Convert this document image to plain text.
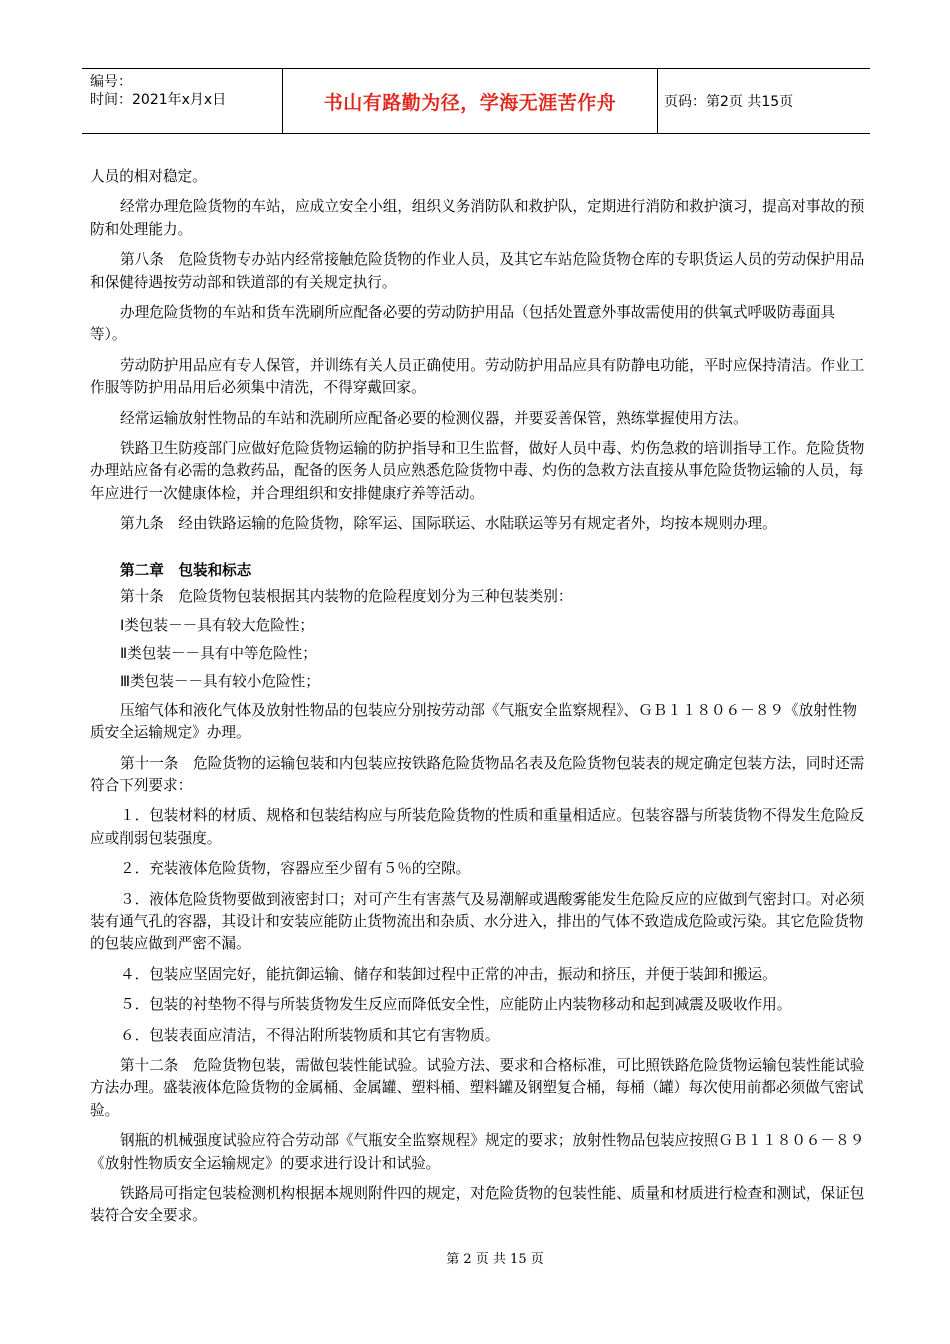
编号：
时间：2021年x月x日	书山有路勤为径，学海无涯苦作舟	页码：第2页 共15页

人员的相对稳定。

经常办理危险货物的车站，应成立安全小组，组织义务消防队和救护队，定期进行消防和救护演习，提高对事故的预防和处理能力。

第八条　危险货物专办站内经常接触危险货物的作业人员，及其它车站危险货物仓库的专职货运人员的劳动保护用品和保健待遇按劳动部和铁道部的有关规定执行。

办理危险货物的车站和货车洗刷所应配备必要的劳动防护用品（包括处置意外事故需使用的供氧式呼吸防毒面具等）。

劳动防护用品应有专人保管，并训练有关人员正确使用。劳动防护用品应具有防静电功能，平时应保持清洁。作业工作服等防护用品用后必须集中清洗，不得穿戴回家。

经常运输放射性物品的车站和洗刷所应配备必要的检测仪器，并要妥善保管，熟练掌握使用方法。

铁路卫生防疫部门应做好危险货物运输的防护指导和卫生监督，做好人员中毒、灼伤急救的培训指导工作。危险货物办理站应备有必需的急救药品，配备的医务人员应熟悉危险货物中毒、灼伤的急救方法直接从事危险货物运输的人员，每年应进行一次健康体检，并合理组织和安排健康疗养等活动。

第九条　经由铁路运输的危险货物，除军运、国际联运、水陆联运等另有规定者外，均按本规则办理。

第二章　包装和标志

第十条　危险货物包装根据其内装物的危险程度划分为三种包装类别：

Ⅰ类包装－－具有较大危险性；

Ⅱ类包装－－具有中等危险性；

Ⅲ类包装－－具有较小危险性；

压缩气体和液化气体及放射性物品的包装应分别按劳动部《气瓶安全监察规程》、ＧＢ１１８０６－８９《放射性物质安全运输规定》办理。

第十一条　危险货物的运输包装和内包装应按铁路危险货物品名表及危险货物包装表的规定确定包装方法，同时还需符合下列要求：

１．包装材料的材质、规格和包装结构应与所装危险货物的性质和重量相适应。包装容器与所装货物不得发生危险反应或削弱包装强度。

２．充装液体危险货物，容器应至少留有５％的空隙。

３．液体危险货物要做到液密封口；对可产生有害蒸气及易潮解或遇酸雾能发生危险反应的应做到气密封口。对必须装有通气孔的容器，其设计和安装应能防止货物流出和杂质、水分进入，排出的气体不致造成危险或污染。其它危险货物的包装应做到严密不漏。

４．包装应坚固完好，能抗御运输、储存和装卸过程中正常的冲击，振动和挤压，并便于装卸和搬运。

５．包装的衬垫物不得与所装货物发生反应而降低安全性，应能防止内装物移动和起到减震及吸收作用。

６．包装表面应清洁，不得沾附所装物质和其它有害物质。

第十二条　危险货物包装，需做包装性能试验。试验方法、要求和合格标准，可比照铁路危险货物运输包装性能试验方法办理。盛装液体危险货物的金属桶、金属罐、塑料桶、塑料罐及钢塑复合桶，每桶（罐）每次使用前都必须做气密试验。

钢瓶的机械强度试验应符合劳动部《气瓶安全监察规程》规定的要求；放射性物品包装应按照ＧＢ１１８０６－８９《放射性物质安全运输规定》的要求进行设计和试验。

铁路局可指定包装检测机构根据本规则附件四的规定，对危险货物的包装性能、质量和材质进行检查和测试，保证包装符合安全要求。

第 2 页 共 15 页
